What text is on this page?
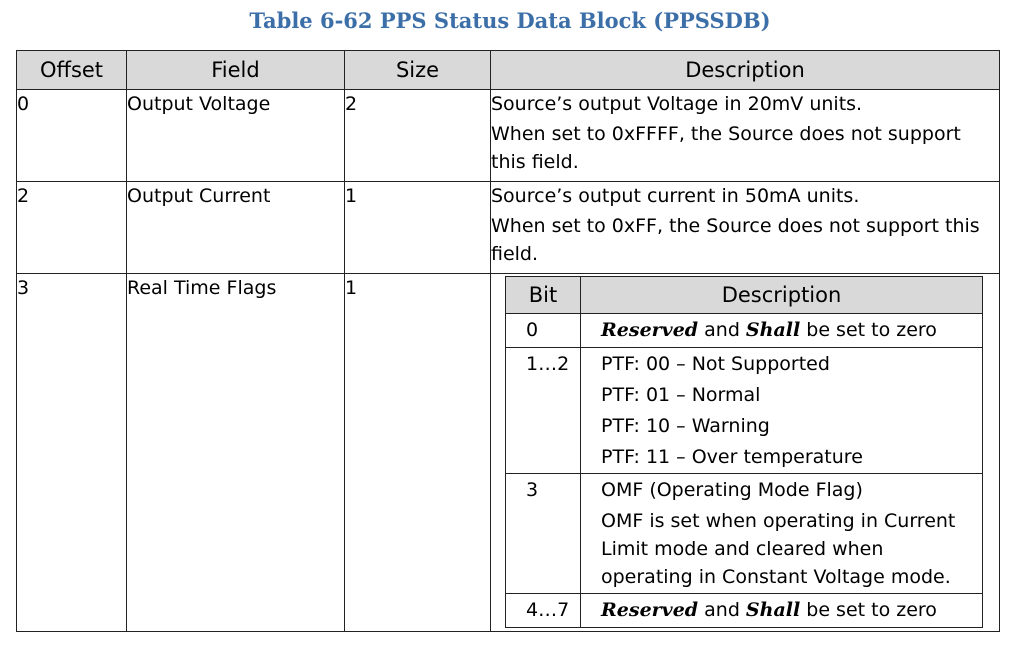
Table 6-62 PPS Status Data Block (PPSSDB)
Offset	Field	Size	Description
0	Output Voltage	2	Source’s output Voltage in 20mV units.

When set to 0xFFFF, the Source does not support this field.

2	Output Current	1	Source’s output current in 50mA units.

When set to 0xFF, the Source does not support this field.

3	Real Time Flags	1		Bit	Description
0	Reserved and Shall be set to zero
1…2	PTF: 00 – Not Supported
PTF: 01 – Normal
PTF: 10 – Warning
PTF: 11 – Over temperature

3	OMF (Operating Mode Flag)
OMF is set when operating in Current Limit mode and cleared when operating in Constant Voltage mode.

4…7	Reserved and Shall be set to zero
